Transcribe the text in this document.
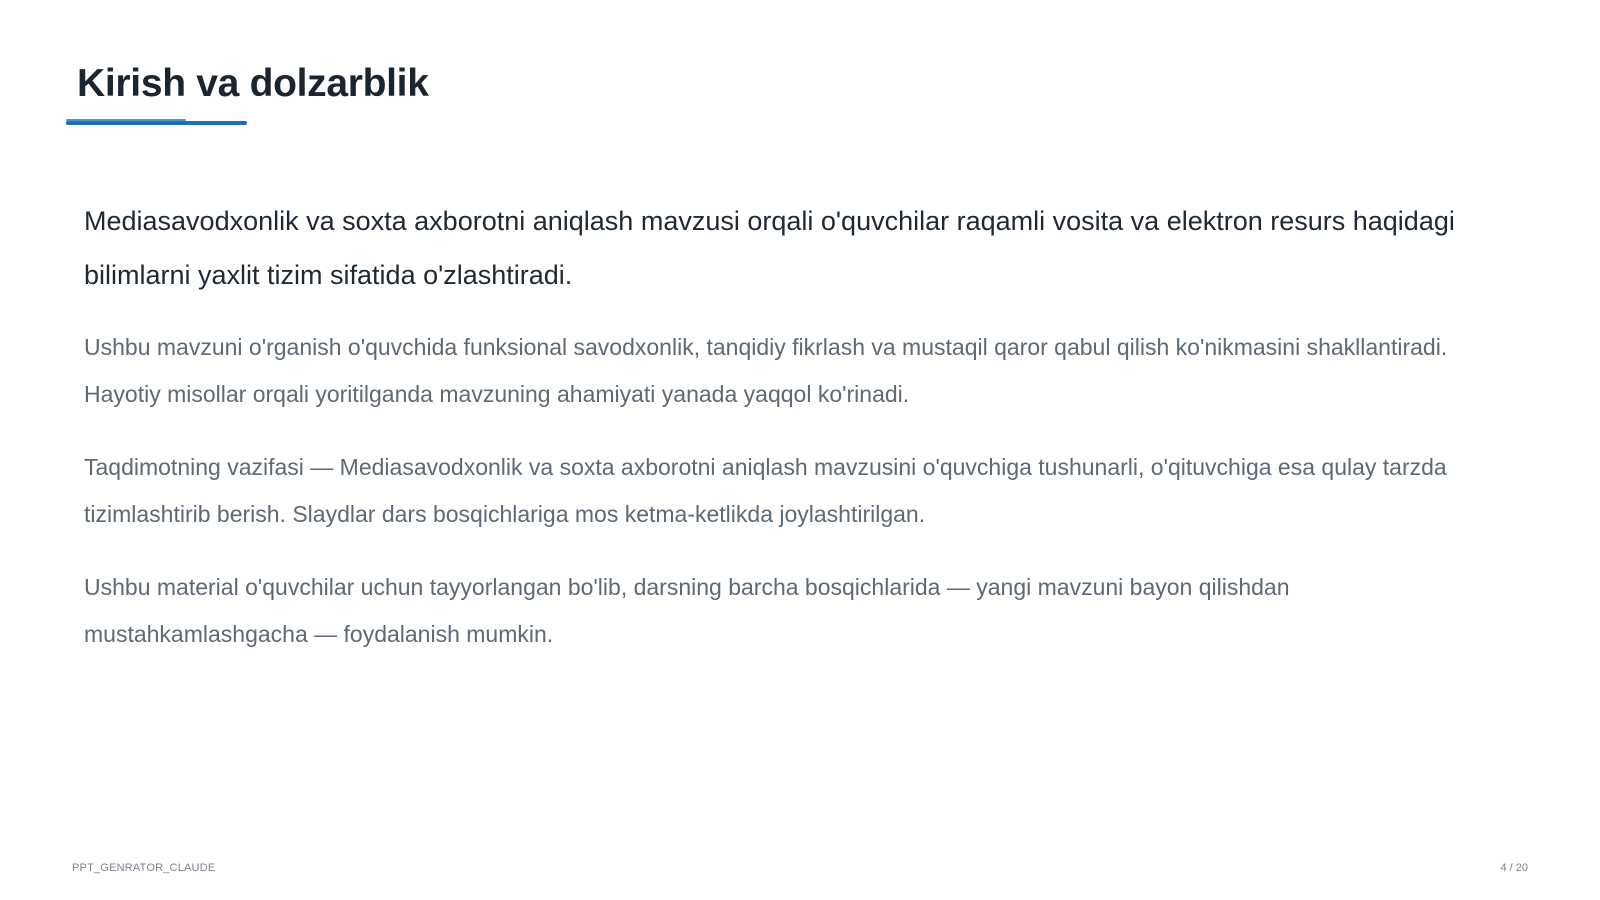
Kirish va dolzarblik

Mediasavodxonlik va soxta axborotni aniqlash mavzusi orqali o'quvchilar raqamli vosita va elektron resurs haqidagi bilimlarni yaxlit tizim sifatida o'zlashtiradi.

Ushbu mavzuni o'rganish o'quvchida funksional savodxonlik, tanqidiy fikrlash va mustaqil qaror qabul qilish ko'nikmasini shakllantiradi. Hayotiy misollar orqali yoritilganda mavzuning ahamiyati yanada yaqqol ko'rinadi.

Taqdimotning vazifasi — Mediasavodxonlik va soxta axborotni aniqlash mavzusini o'quvchiga tushunarli, o'qituvchiga esa qulay tarzda tizimlashtirib berish. Slaydlar dars bosqichlariga mos ketma-ketlikda joylashtirilgan.

Ushbu material o'quvchilar uchun tayyorlangan bo'lib, darsning barcha bosqichlarida — yangi mavzuni bayon qilishdan mustahkamlashgacha — foydalanish mumkin.

PPT_GENRATOR_CLAUDE	4 / 20
